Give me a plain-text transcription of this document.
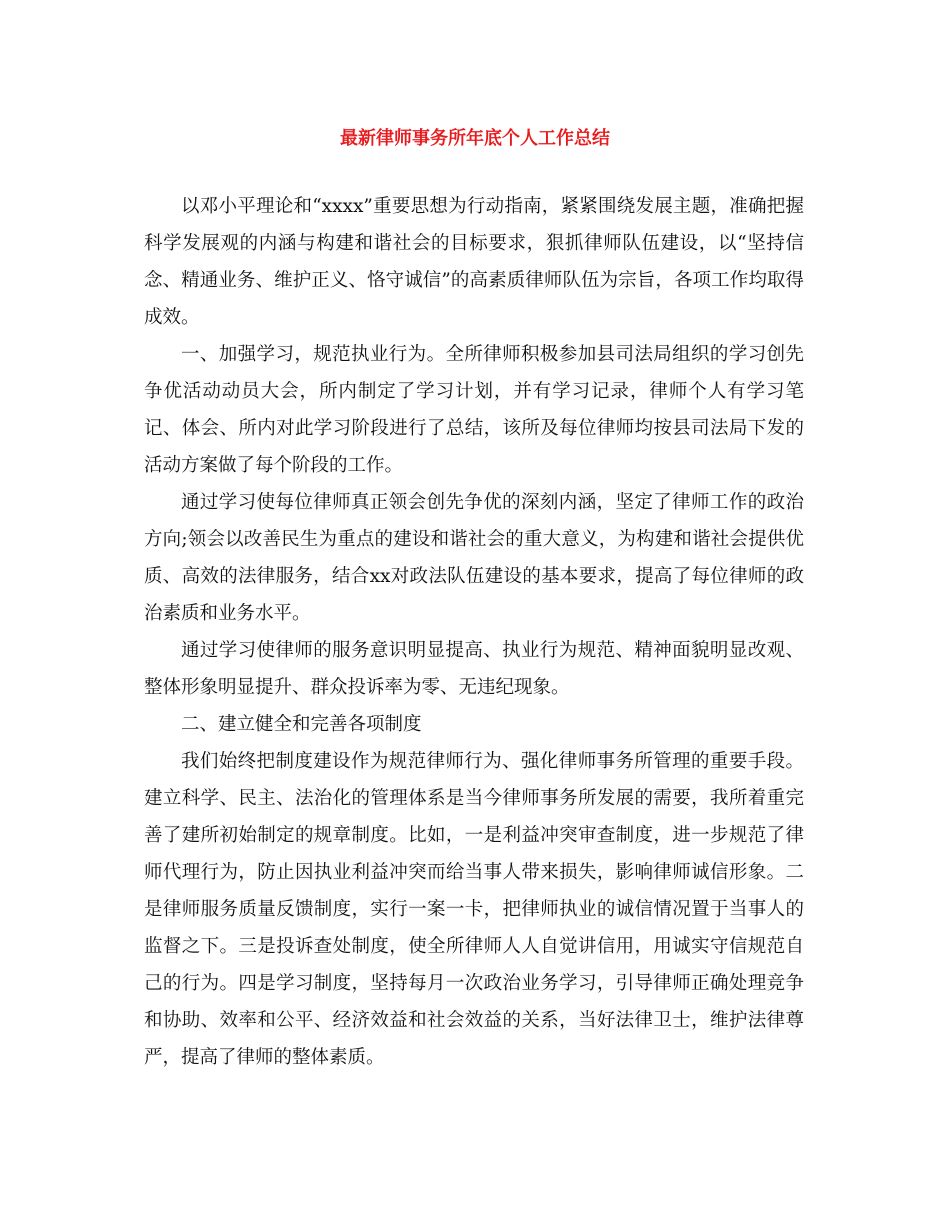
最新律师事务所年底个人工作总结

以邓小平理论和“xxxx”重要思想为行动指南，紧紧围绕发展主题，准确把握科学发展观的内涵与构建和谐社会的目标要求，狠抓律师队伍建设，以“坚持信念、精通业务、维护正义、恪守诚信”的高素质律师队伍为宗旨，各项工作均取得成效。

一、加强学习，规范执业行为。全所律师积极参加县司法局组织的学习创先争优活动动员大会，所内制定了学习计划，并有学习记录，律师个人有学习笔记、体会、所内对此学习阶段进行了总结，该所及每位律师均按县司法局下发的活动方案做了每个阶段的工作。

通过学习使每位律师真正领会创先争优的深刻内涵，坚定了律师工作的政治方向;领会以改善民生为重点的建设和谐社会的重大意义，为构建和谐社会提供优质、高效的法律服务，结合xx对政法队伍建设的基本要求，提高了每位律师的政治素质和业务水平。

通过学习使律师的服务意识明显提高、执业行为规范、精神面貌明显改观、整体形象明显提升、群众投诉率为零、无违纪现象。

二、建立健全和完善各项制度

我们始终把制度建设作为规范律师行为、强化律师事务所管理的重要手段。建立科学、民主、法治化的管理体系是当今律师事务所发展的需要，我所着重完善了建所初始制定的规章制度。比如，一是利益冲突审查制度，进一步规范了律师代理行为，防止因执业利益冲突而给当事人带来损失，影响律师诚信形象。二是律师服务质量反馈制度，实行一案一卡，把律师执业的诚信情况置于当事人的监督之下。三是投诉查处制度，使全所律师人人自觉讲信用，用诚实守信规范自己的行为。四是学习制度，坚持每月一次政治业务学习，引导律师正确处理竞争和协助、效率和公平、经济效益和社会效益的关系，当好法律卫士，维护法律尊严，提高了律师的整体素质。
